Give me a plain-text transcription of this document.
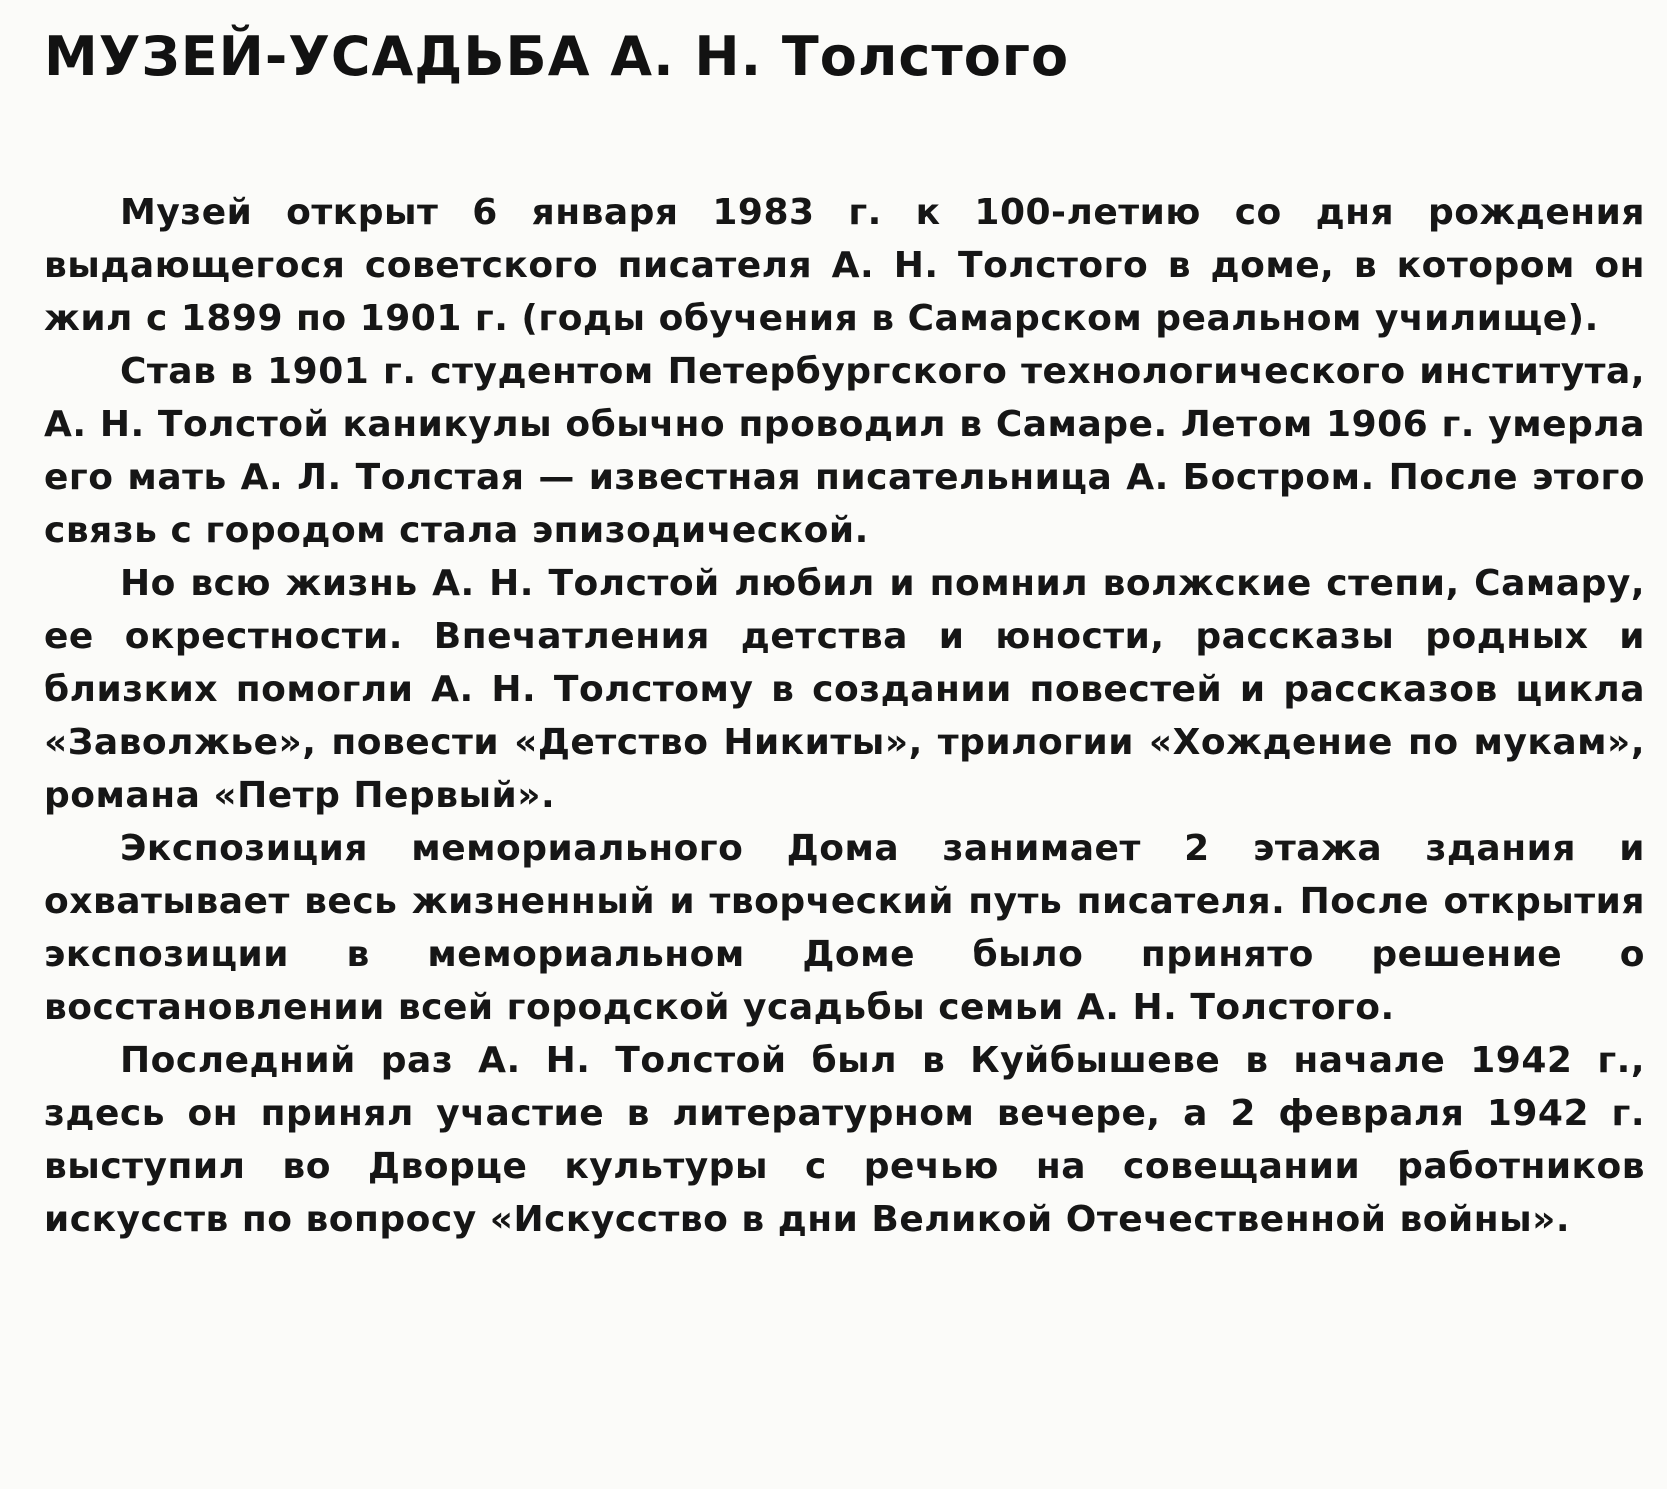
МУЗЕЙ-УСАДЬБА А. Н. Толстого

Музей открыт 6 января 1983 г. к 100-летию со дня рождения выдающегося советского писателя А. Н. Толстого в доме, в котором он жил с 1899 по 1901 г. (годы обучения в Самарском реальном училище).

Став в 1901 г. студентом Петербургского технологического института, А. Н. Толстой каникулы обычно проводил в Самаре. Летом 1906 г. умерла его мать А. Л. Толстая — известная писательница А. Бостром. После этого связь с городом стала эпизодической.

Но всю жизнь А. Н. Толстой любил и помнил волжские степи, Самару, ее окрестности. Впечатления детства и юности, рассказы родных и близких помогли А. Н. Толстому в создании повестей и рассказов цикла «Заволжье», повести «Детство Никиты», трилогии «Хождение по мукам», романа «Петр Первый».

Экспозиция мемориального Дома занимает 2 этажа здания и охватывает весь жизненный и творческий путь писателя. После открытия экспозиции в мемориальном Доме было принято решение о восстановлении всей городской усадьбы семьи А. Н. Толстого.

Последний раз А. Н. Толстой был в Куйбышеве в начале 1942 г., здесь он принял участие в литературном вечере, а 2 февраля 1942 г. выступил во Дворце культуры с речью на совещании работников искусств по вопросу «Искусство в дни Великой Отечественной войны».
